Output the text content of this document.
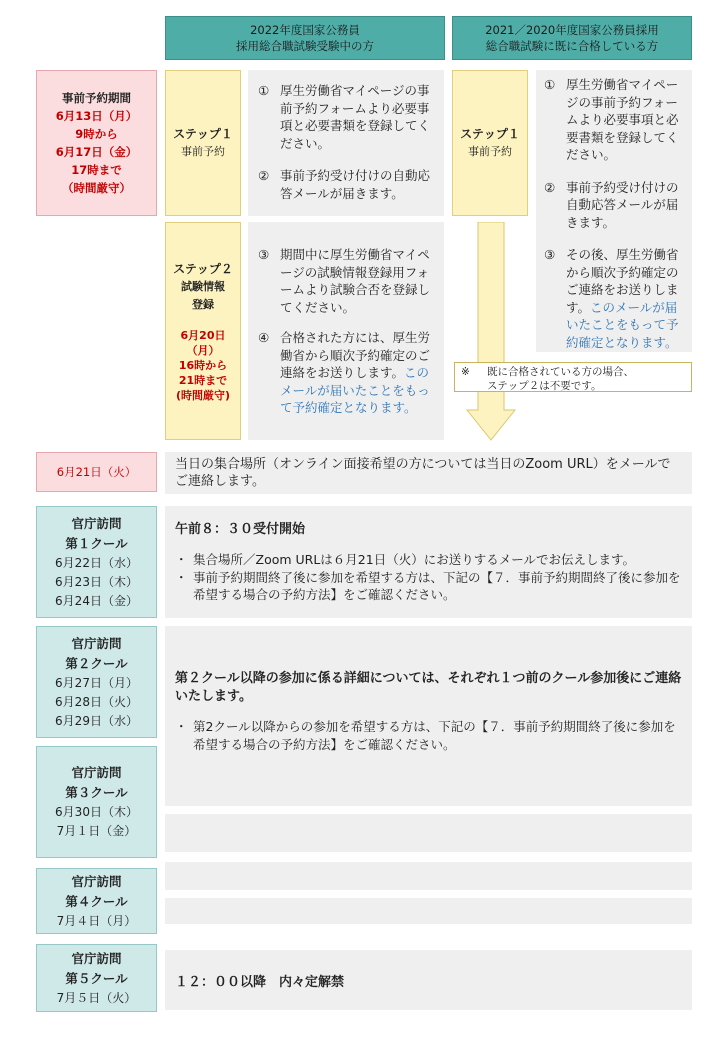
2022年度国家公務員
採用総合職試験受験中の方
2021／2020年度国家公務員採用
総合職試験に既に合格している方
事前予約期間
6月13日（月）
9時から
6月17日（金）
17時まで
（時間厳守）
ステップ１
事前予約
① 厚生労働省マイページの事前予約フォームより必要事項と必要書類を登録してください。
② 事前予約受け付けの自動応答メールが届きます。
ステップ２
試験情報
登録
6月20日
（月）
16時から
21時まで
(時間厳守)
③ 期間中に厚生労働省マイページの試験情報登録用フォームより試験合否を登録してください。
④ 合格された方には、厚生労働省から順次予約確定のご連絡をお送りします。このメールが届いたことをもって予約確定となります。
ステップ１
事前予約
① 厚生労働省マイページの事前予約フォームより必要事項と必要書類を登録してください。
② 事前予約受け付けの自動応答メールが届きます。
③ その後、厚生労働省から順次予約確定のご連絡をお送りします。このメールが届いたことをもって予約確定となります。
※	既に合格されている方の場合、
ステップ２は不要です。
6月21日（火）	当日の集合場所（オンライン面接希望の方については当日のZoom URL）をメールでご連絡します。
官庁訪問
第１クール
6月22日（水）
6月23日（木）
6月24日（金）
午前８：３０受付開始
・ 集合場所／Zoom URLは６月21日（火）にお送りするメールでお伝えします。
・ 事前予約期間終了後に参加を希望する方は、下記の【７．事前予約期間終了後に参加を希望する場合の予約方法】をご確認ください。
官庁訪問
第２クール
6月27日（月）
6月28日（火）
6月29日（水）
第２クール以降の参加に係る詳細については、それぞれ１つ前のクール参加後にご連絡いたします。
・ 第2クール以降からの参加を希望する方は、下記の【７．事前予約期間終了後に参加を希望する場合の予約方法】をご確認ください。
官庁訪問
第３クール
6月30日（木）
7月１日（金）
官庁訪問
第４クール
7月４日（月）
官庁訪問
第５クール
7月５日（火）
１２：００以降　内々定解禁
